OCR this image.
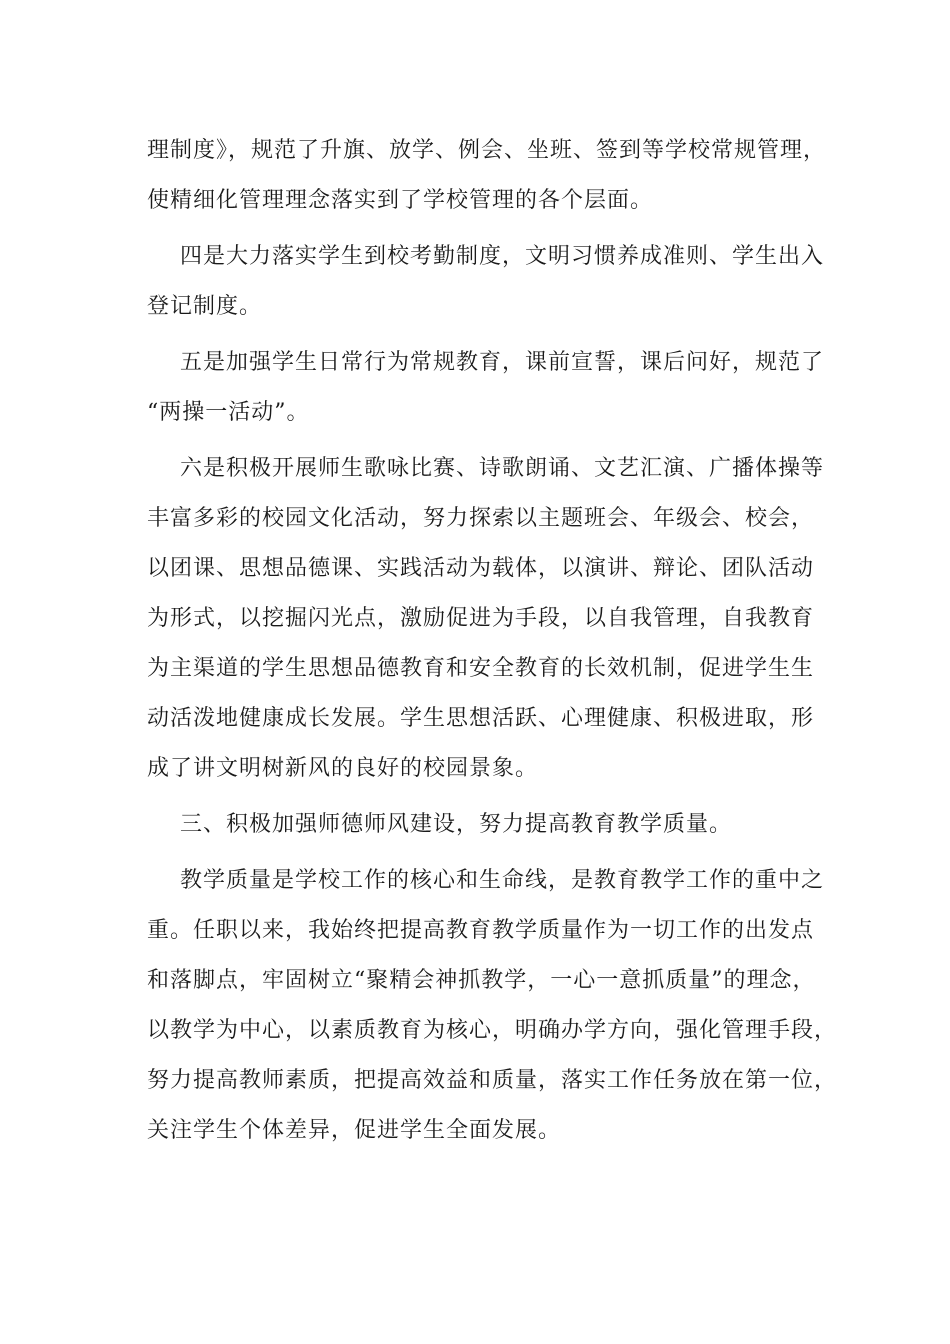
理制度》，规范了升旗、放学、例会、坐班、签到等学校常规管理，
使精细化管理理念落实到了学校管理的各个层面。
四是大力落实学生到校考勤制度，文明习惯养成准则、学生出入
登记制度。
五是加强学生日常行为常规教育，课前宣誓，课后问好，规范了
“两操一活动”。
六是积极开展师生歌咏比赛、诗歌朗诵、文艺汇演、广播体操等
丰富多彩的校园文化活动，努力探索以主题班会、年级会、校会，
以团课、思想品德课、实践活动为载体，以演讲、辩论、团队活动
为形式，以挖掘闪光点，激励促进为手段，以自我管理，自我教育
为主渠道的学生思想品德教育和安全教育的长效机制，促进学生生
动活泼地健康成长发展。学生思想活跃、心理健康、积极进取，形
成了讲文明树新风的良好的校园景象。
三、积极加强师德师风建设，努力提高教育教学质量。
教学质量是学校工作的核心和生命线，是教育教学工作的重中之
重。任职以来，我始终把提高教育教学质量作为一切工作的出发点
和落脚点，牢固树立“聚精会神抓教学，一心一意抓质量”的理念，
以教学为中心，以素质教育为核心，明确办学方向，强化管理手段，
努力提高教师素质，把提高效益和质量，落实工作任务放在第一位，
关注学生个体差异，促进学生全面发展。
